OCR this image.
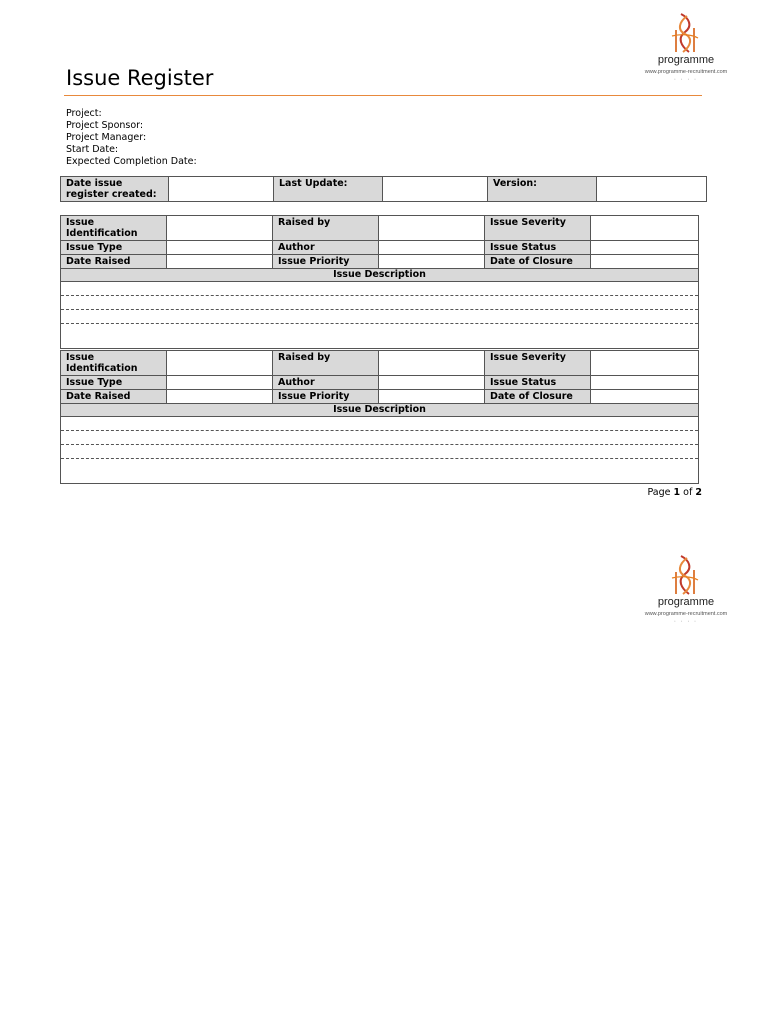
programme
www.programme-recruitment.com
• • • •
Issue Register
Project:
Project Sponsor:
Project Manager:
Start Date:
Expected Completion Date:
Date issue register created:		Last Update:		Version:	
Issue Identification		Raised by		Issue Severity	
Issue Type		Author		Issue Status	
Date Raised		Issue Priority		Date of Closure	
Issue Description					

Issue Identification		Raised by		Issue Severity	
Issue Type		Author		Issue Status	
Date Raised		Issue Priority		Date of Closure	
Issue Description					

Page 1 of 2
programme
www.programme-recruitment.com
• • • •
